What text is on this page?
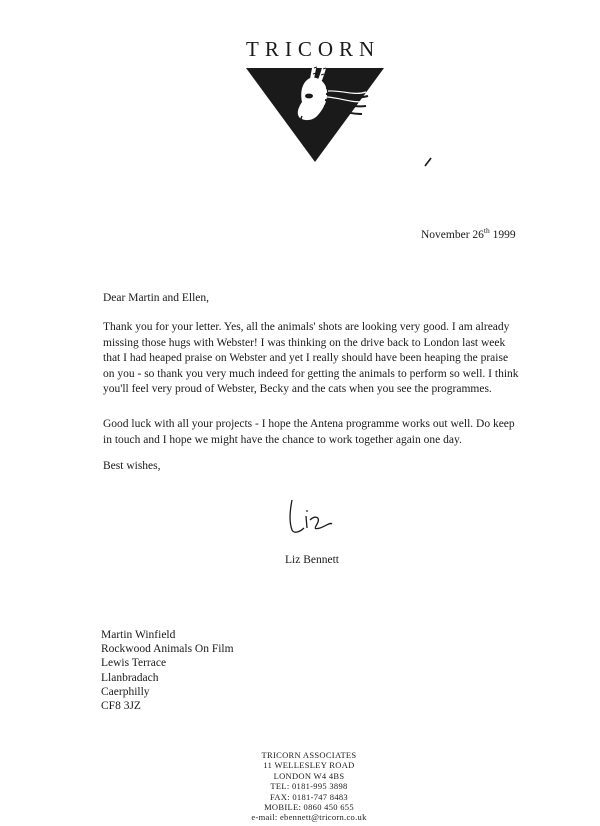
TRICORN
November 26th 1999
Dear Martin and Ellen,

Thank you for your letter. Yes, all the animals' shots are looking very good. I am already missing those hugs with Webster! I was thinking on the drive back to London last week that I had heaped praise on Webster and yet I really should have been heaping the praise on you - so thank you very much indeed for getting the animals to perform so well. I think you'll feel very proud of Webster, Becky and the cats when you see the programmes.

Good luck with all your projects - I hope the Antena programme works out well. Do keep in touch and I hope we might have the chance to work together again one day.

Best wishes,
Liz Bennett
Martin Winfield
Rockwood Animals On Film
Lewis Terrace
Llanbradach
Caerphilly
CF8 3JZ
TRICORN ASSOCIATES
11 WELLESLEY ROAD
LONDON W4 4BS
TEL: 0181-995 3898
FAX: 0181-747 8483
MOBILE: 0860 450 655
e-mail: ebennett@tricorn.co.uk
